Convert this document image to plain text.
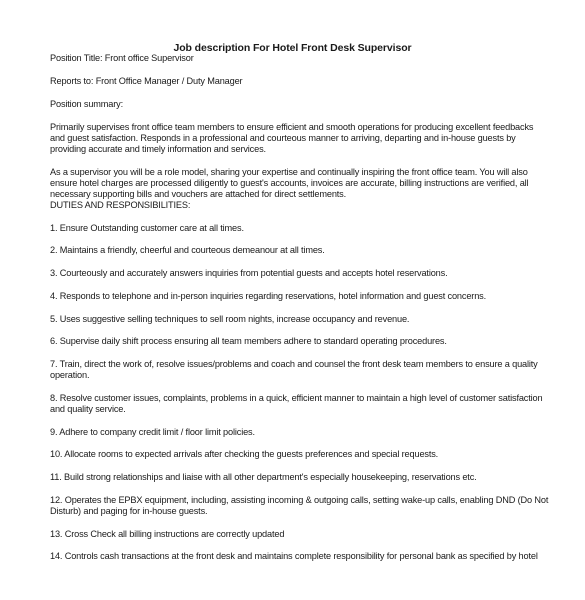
Job description For Hotel Front Desk Supervisor

Position Title: Front office Supervisor

Reports to: Front Office Manager / Duty Manager

Position summary:

Primarily supervises front office team members to ensure efficient and smooth operations for producing excellent feedbacks and guest satisfaction. Responds in a professional and courteous manner to arriving, departing and in-house guests by providing accurate and timely information and services.

As a supervisor you will be a role model, sharing your expertise and continually inspiring the front office team. You will also ensure hotel charges are processed diligently to guest's accounts, invoices are accurate, billing instructions are verified, all necessary supporting bills and vouchers are attached for direct settlements.

DUTIES AND RESPONSIBILITIES:

1. Ensure Outstanding customer care at all times.

2. Maintains a friendly, cheerful and courteous demeanour at all times.

3. Courteously and accurately answers inquiries from potential guests and accepts hotel reservations.

4. Responds to telephone and in-person inquiries regarding reservations, hotel information and guest concerns.

5. Uses suggestive selling techniques to sell room nights, increase occupancy and revenue.

6. Supervise daily shift process ensuring all team members adhere to standard operating procedures.

7. Train, direct the work of, resolve issues/problems and coach and counsel the front desk team members to ensure a quality operation.

8. Resolve customer issues, complaints, problems in a quick, efficient manner to maintain a high level of customer satisfaction and quality service.

9. Adhere to company credit limit / floor limit policies.

10. Allocate rooms to expected arrivals after checking the guests preferences and special requests.

11. Build strong relationships and liaise with all other department's especially housekeeping, reservations etc.

12. Operates the EPBX equipment, including, assisting incoming & outgoing calls, setting wake-up calls, enabling DND (Do Not Disturb) and paging for in-house guests.

13. Cross Check all billing instructions are correctly updated

14. Controls cash transactions at the front desk and maintains complete responsibility for personal bank as specified by hotel
